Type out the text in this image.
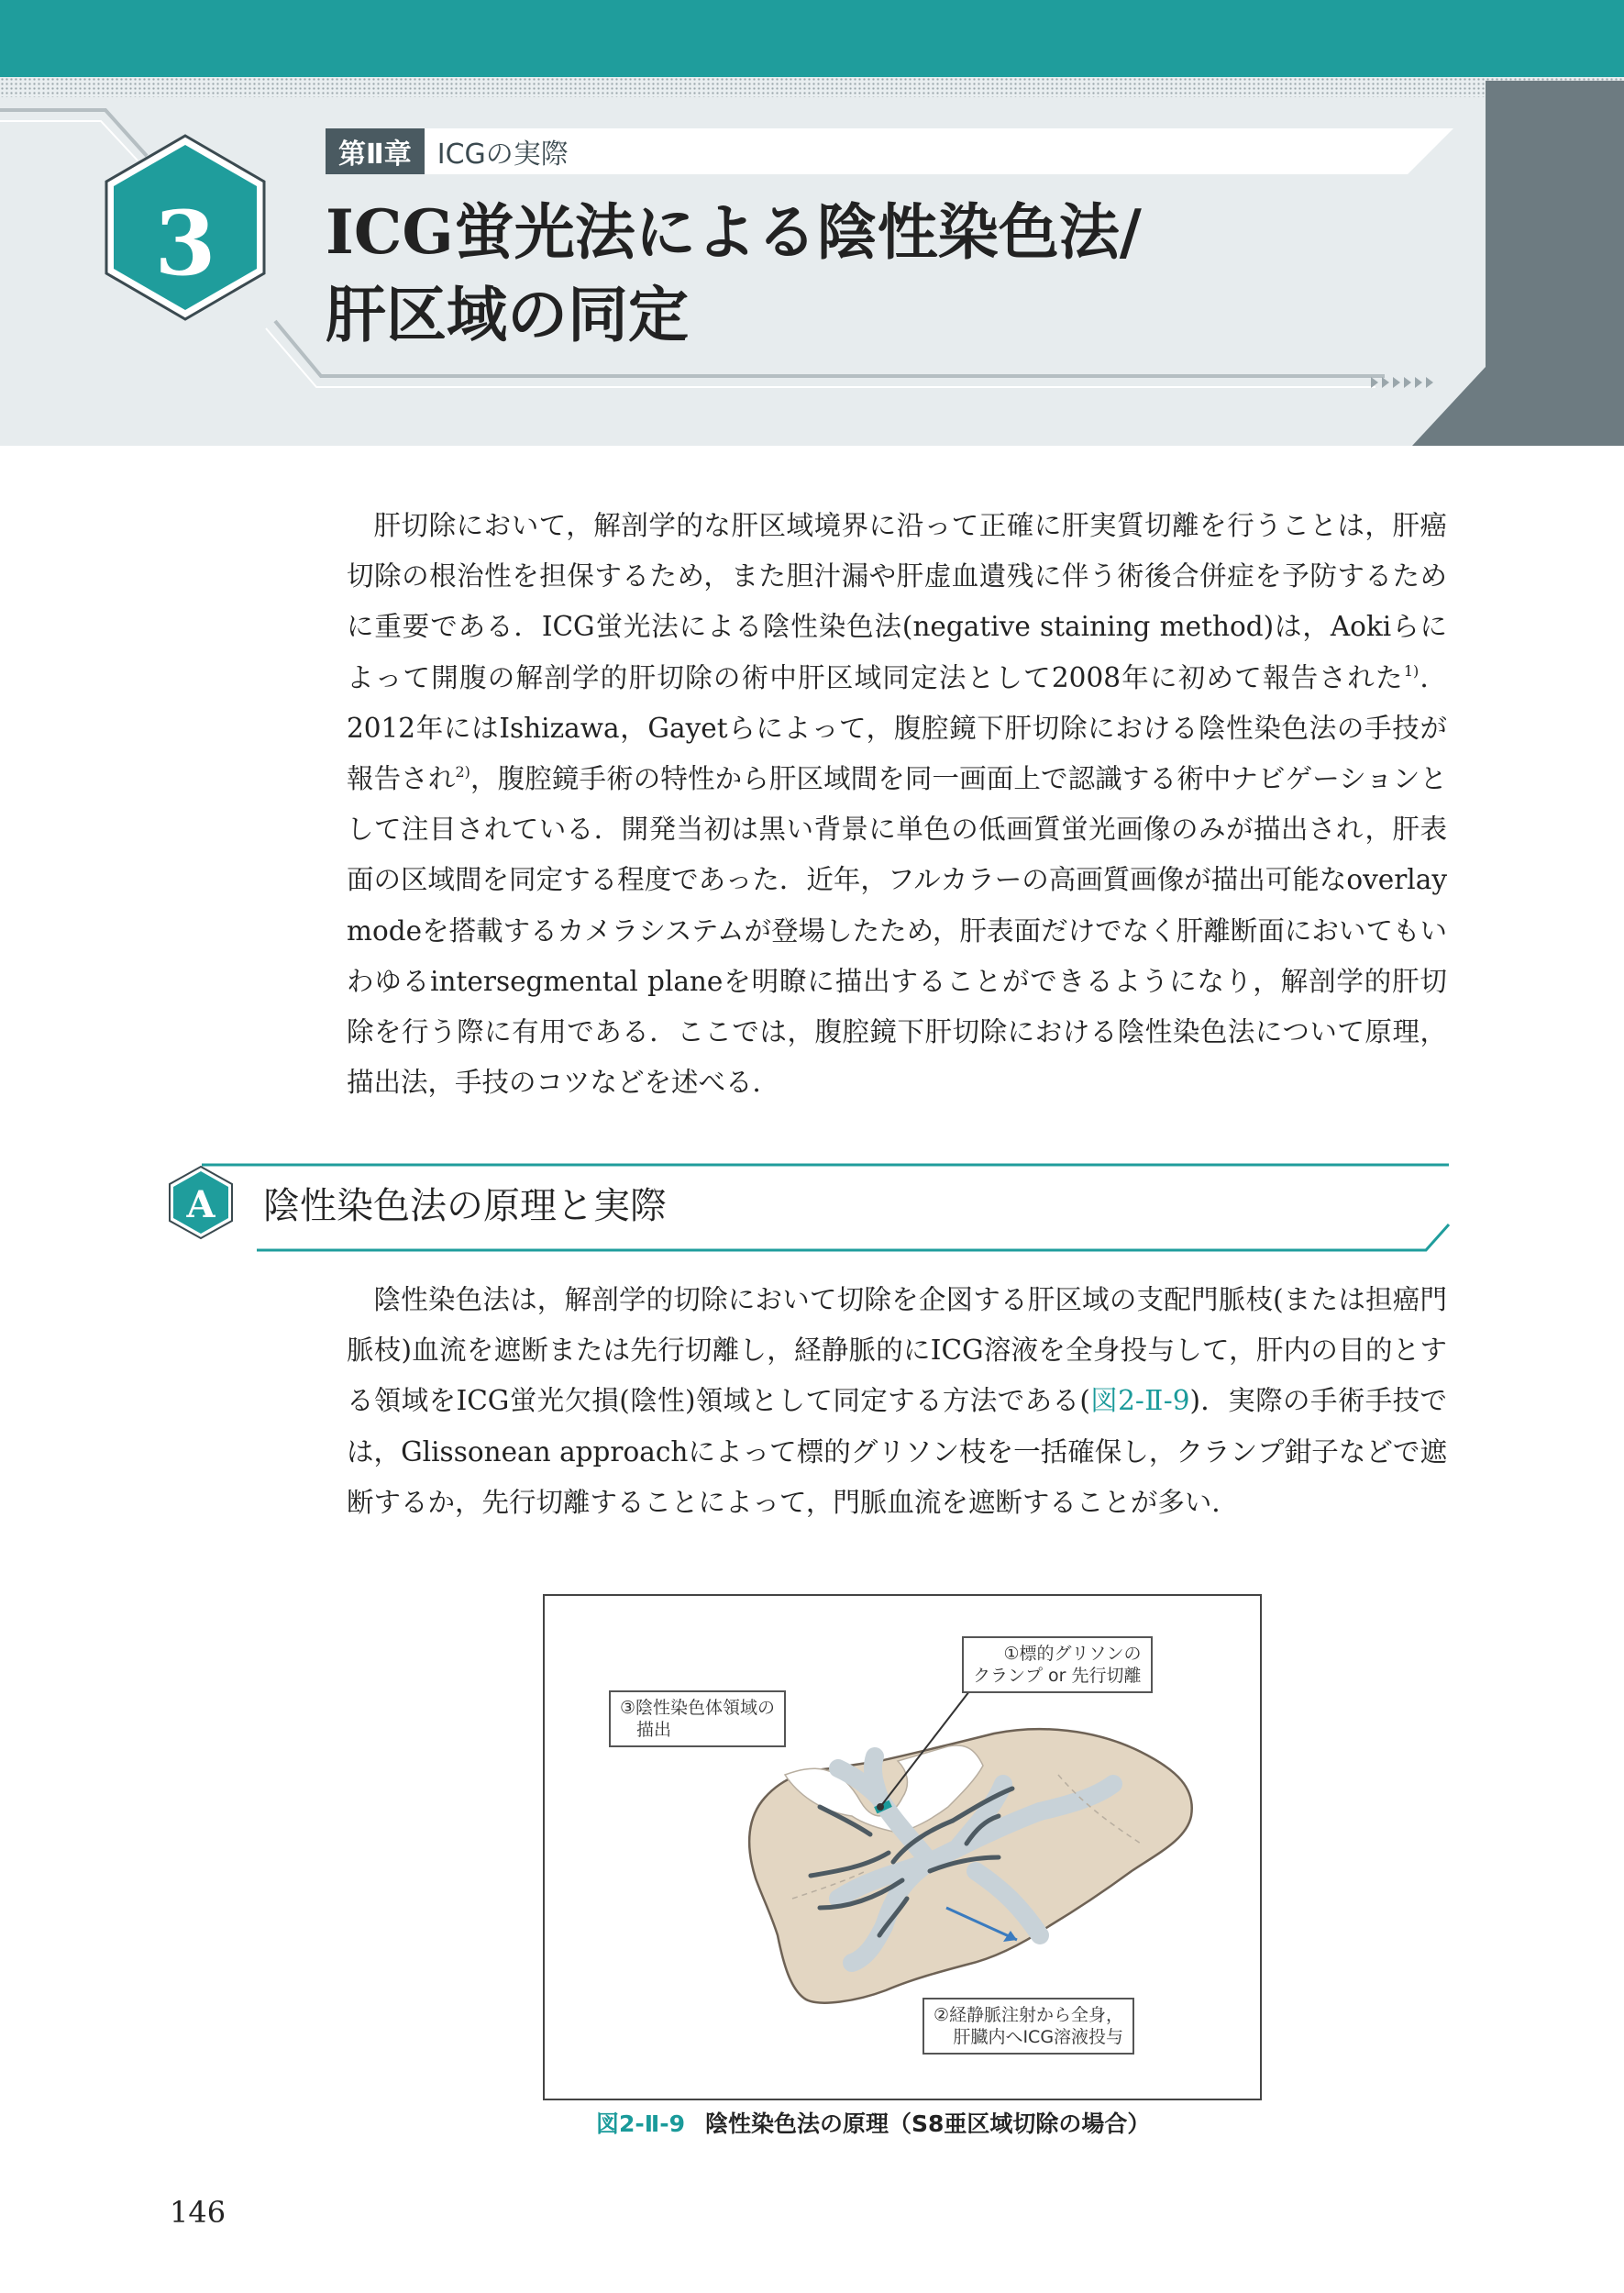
第Ⅱ章 ICGの実際
3	ICG蛍光法による陰性染色法/
肝区域の同定

肝切除において，解剖学的な肝区域境界に沿って正確に肝実質切離を行うことは，肝癌切除の根治性を担保するため，また胆汁漏や肝虚血遺残に伴う術後合併症を予防するために重要である．ICG蛍光法による陰性染色法(negative staining method)は，Aokiらによって開腹の解剖学的肝切除の術中肝区域同定法として2008年に初めて報告された$^{1)}$．2012年にはIshizawa，Gayetらによって，腹腔鏡下肝切除における陰性染色法の手技が報告され$^{2)}$，腹腔鏡手術の特性から肝区域間を同一画面上で認識する術中ナビゲーションとして注目されている．開発当初は黒い背景に単色の低画質蛍光画像のみが描出され，肝表面の区域間を同定する程度であった．近年，フルカラーの高画質画像が描出可能なoverlay modeを搭載するカメラシステムが登場したため，肝表面だけでなく肝離断面においてもいわゆるintersegmental planeを明瞭に描出することができるようになり，解剖学的肝切除を行う際に有用である．ここでは，腹腔鏡下肝切除における陰性染色法について原理，描出法，手技のコツなどを述べる．

A	陰性染色法の原理と実際

陰性染色法は，解剖学的切除において切除を企図する肝区域の支配門脈枝(または担癌門脈枝)血流を遮断または先行切離し，経静脈的にICG溶液を全身投与して，肝内の目的とする領域をICG蛍光欠損(陰性)領域として同定する方法である(図2-Ⅱ-9)．実際の手術手技では，Glissonean approachによって標的グリソン枝を一括確保し，クランプ鉗子などで遮断するか，先行切離することによって，門脈血流を遮断することが多い．

①標的グリソンの
クランプ or 先行切離
③陰性染色体領域の
描出
②経静脈注射から全身，
肝臓内へICG溶液投与
図2-Ⅱ-9 陰性染色法の原理（S8亜区域切除の場合）
146
